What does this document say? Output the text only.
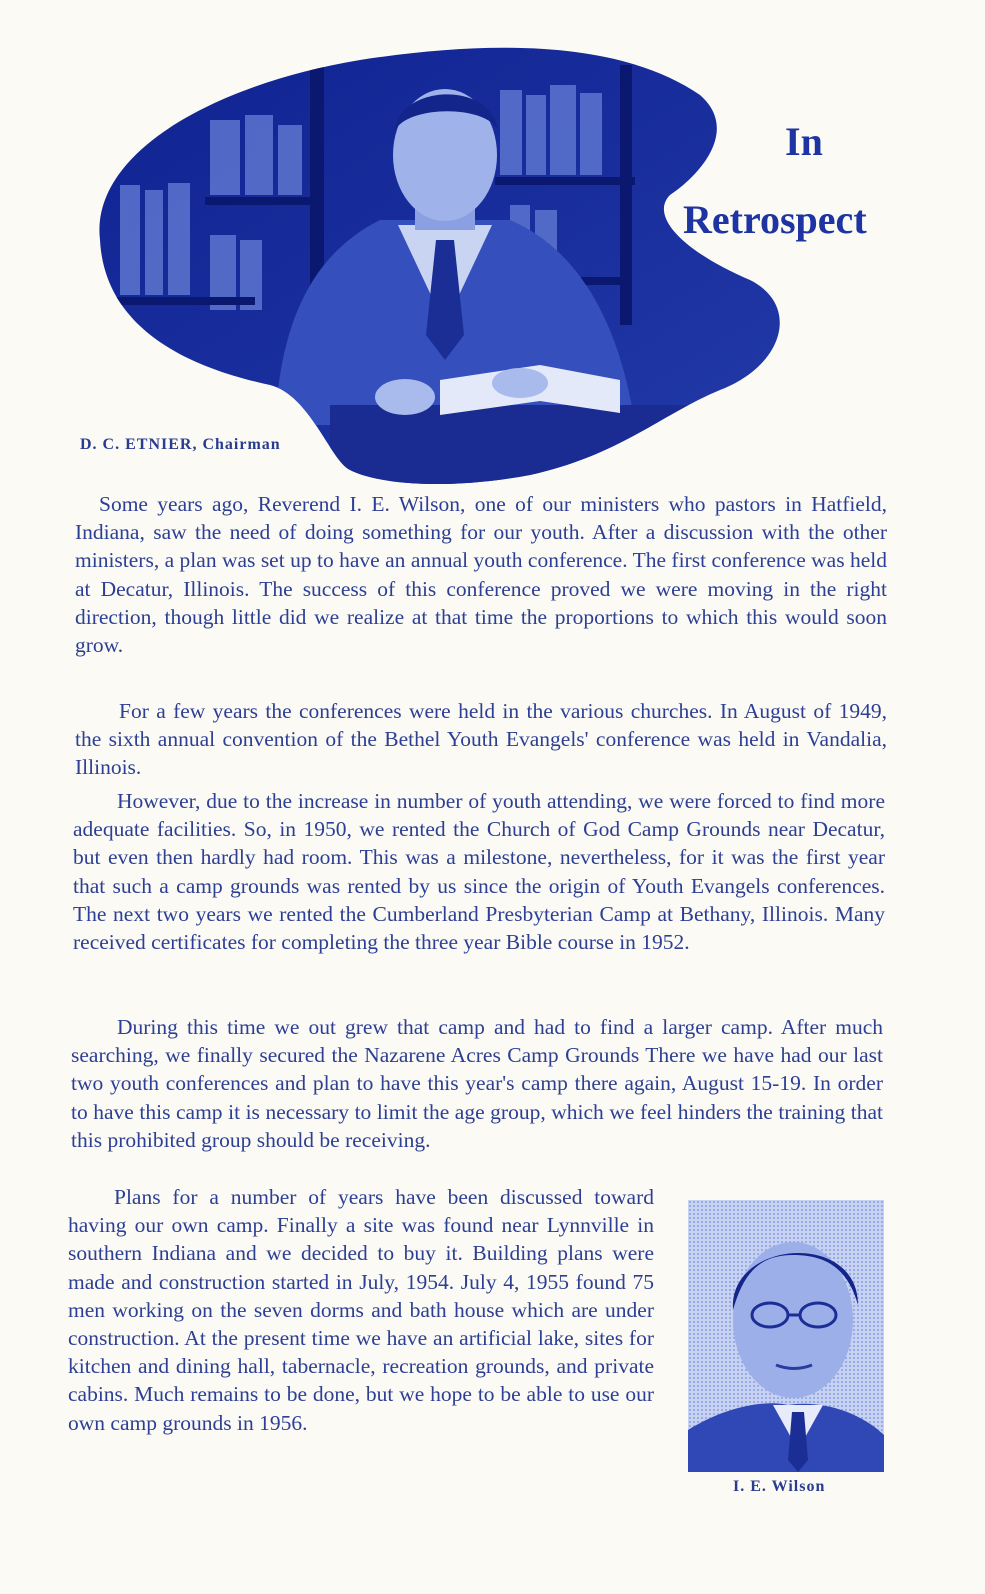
In
Retrospect
D. C. ETNIER, Chairman

Some years ago, Reverend I. E. Wilson, one of our ministers who pastors in Hatfield, Indiana, saw the need of doing something for our youth. After a discussion with the other ministers, a plan was set up to have an annual youth conference. The first conference was held at Decatur, Illinois. The success of this conference proved we were moving in the right direction, though little did we realize at that time the proportions to which this would soon grow.

For a few years the conferences were held in the various churches. In August of 1949, the sixth annual convention of the Bethel Youth Evangels' conference was held in Vandalia, Illinois.

However, due to the increase in number of youth attending, we were forced to find more adequate facilities. So, in 1950, we rented the Church of God Camp Grounds near Decatur, but even then hardly had room. This was a milestone, nevertheless, for it was the first year that such a camp grounds was rented by us since the origin of Youth Evangels conferences. The next two years we rented the Cumberland Presbyterian Camp at Bethany, Illinois. Many received certificates for completing the three year Bible course in 1952.

During this time we out grew that camp and had to find a larger camp. After much searching, we finally secured the Nazarene Acres Camp Grounds There we have had our last two youth conferences and plan to have this year's camp there again, August 15-19. In order to have this camp it is necessary to limit the age group, which we feel hinders the training that this prohibited group should be receiving.

Plans for a number of years have been discussed toward having our own camp. Finally a site was found near Lynnville in southern Indiana and we decided to buy it. Building plans were made and construction started in July, 1954. July 4, 1955 found 75 men working on the seven dorms and bath house which are under construction. At the present time we have an artificial lake, sites for kitchen and dining hall, tabernacle, recreation grounds, and private cabins. Much remains to be done, but we hope to be able to use our own camp grounds in 1956.

I. E. Wilson
